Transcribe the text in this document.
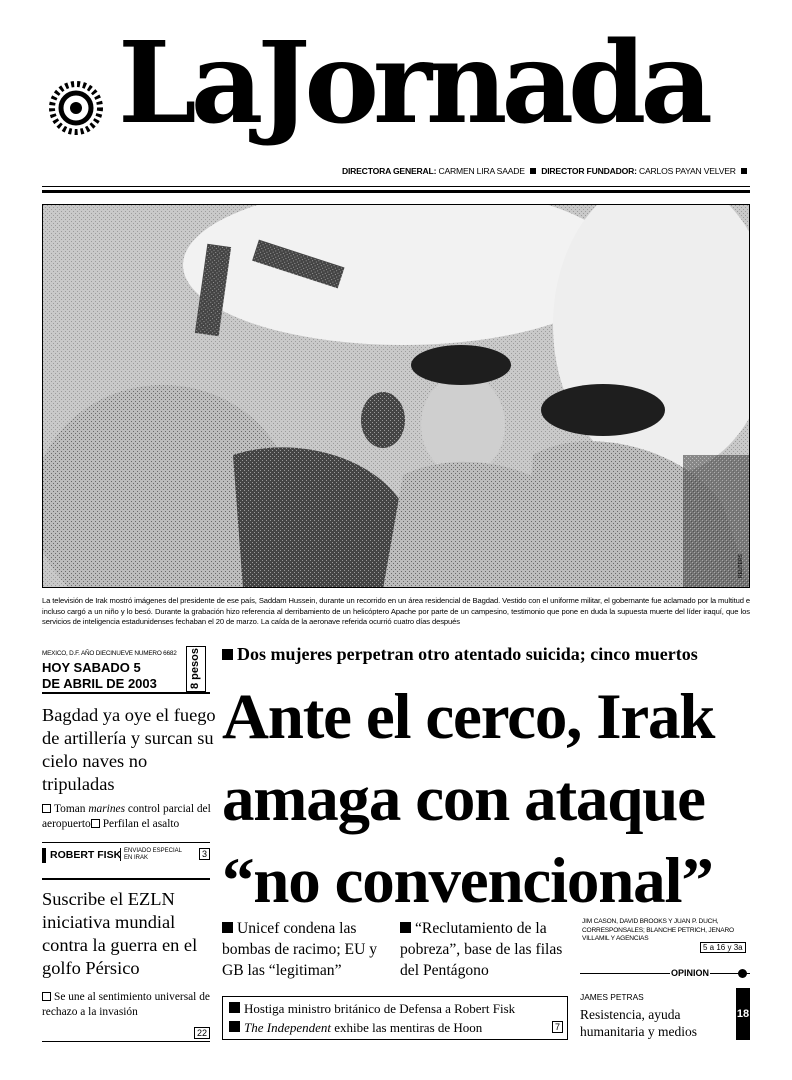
LaJornada
DIRECTORA GENERAL: CARMEN LIRA SAADE DIRECTOR FUNDADOR: CARLOS PAYAN VELVER
REUTERS
La televisión de Irak mostró imágenes del presidente de ese país, Saddam Hussein, durante un recorrido en un área residencial de Bagdad. Vestido con el uniforme militar, el gobernante fue aclamado por la multitud e incluso cargó a un niño y lo besó. Durante la grabación hizo referencia al derribamiento de un helicóptero Apache por parte de un campesino, testimonio que pone en duda la supuesta muerte del líder iraquí, que los servicios de inteligencia estadunidenses fechaban el 20 de marzo. La caída de la aeronave referida ocurrió cuatro días después
MEXICO, D.F. AÑO DIECINUEVE NUMERO 6682
HOY SABADO 5
DE ABRIL DE 2003	8 pesos
Bagdad ya oye el fuego de artillería y surcan su cielo naves no tripuladas
Toman marines control parcial del aeropuerto Perfilan el asalto
ROBERT FISK ENVIADO ESPECIAL
EN IRAK	3
Suscribe el EZLN iniciativa mundial contra la guerra en el golfo Pérsico
Se une al sentimiento universal de rechazo a la invasión
22
Dos mujeres perpetran otro atentado suicida; cinco muertos
Ante el cerco, Irak
amaga con ataque
“no convencional”
Unicef condena las bombas de racimo; EU y GB las “legitiman”
“Reclutamiento de la pobreza”, base de las filas del Pentágono
JIM CASON, DAVID BROOKS Y JUAN P. DUCH, CORRESPONSALES; BLANCHE PETRICH, JENARO VILLAMIL Y AGENCIAS
5 a 16 y 3a
Hostiga ministro británico de Defensa a Robert Fisk
The Independent exhibe las mentiras de Hoon	7
OPINION
JAMES PETRAS
Resistencia, ayuda humanitaria y medios
18
